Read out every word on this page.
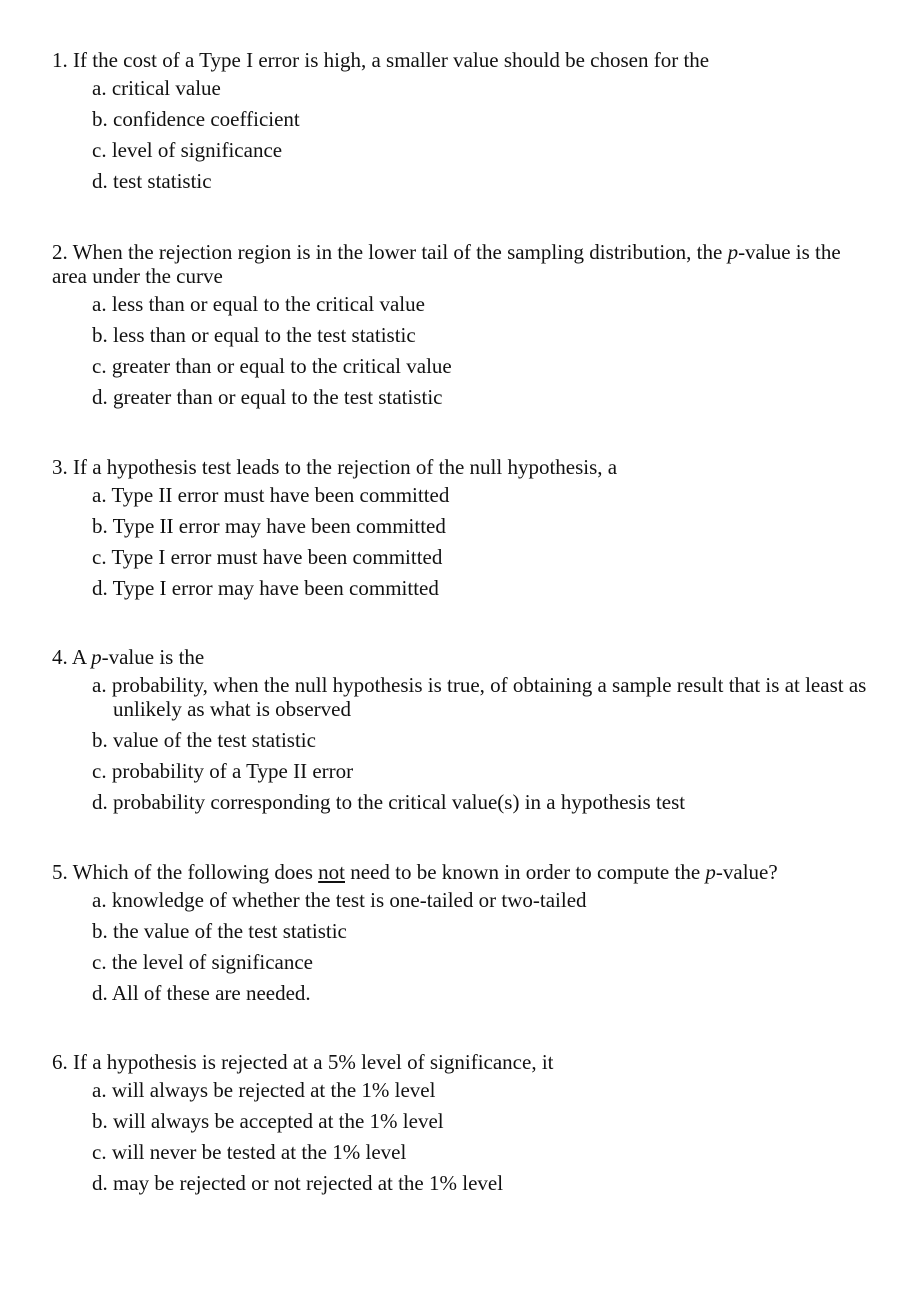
1. If the cost of a Type I error is high, a smaller value should be chosen for the

a. critical value
b. confidence coefficient
c. level of significance
d. test statistic

2. When the rejection region is in the lower tail of the sampling distribution, the p-value is the area under the curve

a. less than or equal to the critical value
b. less than or equal to the test statistic
c. greater than or equal to the critical value
d. greater than or equal to the test statistic

3. If a hypothesis test leads to the rejection of the null hypothesis, a

a. Type II error must have been committed
b. Type II error may have been committed
c. Type I error must have been committed
d. Type I error may have been committed

4. A p-value is the

a. probability, when the null hypothesis is true, of obtaining a sample result that is at least as unlikely as what is observed
b. value of the test statistic
c. probability of a Type II error
d. probability corresponding to the critical value(s) in a hypothesis test

5. Which of the following does not need to be known in order to compute the p-value?

a. knowledge of whether the test is one-tailed or two-tailed
b. the value of the test statistic
c. the level of significance
d. All of these are needed.

6. If a hypothesis is rejected at a 5% level of significance, it

a. will always be rejected at the 1% level
b. will always be accepted at the 1% level
c. will never be tested at the 1% level
d. may be rejected or not rejected at the 1% level
